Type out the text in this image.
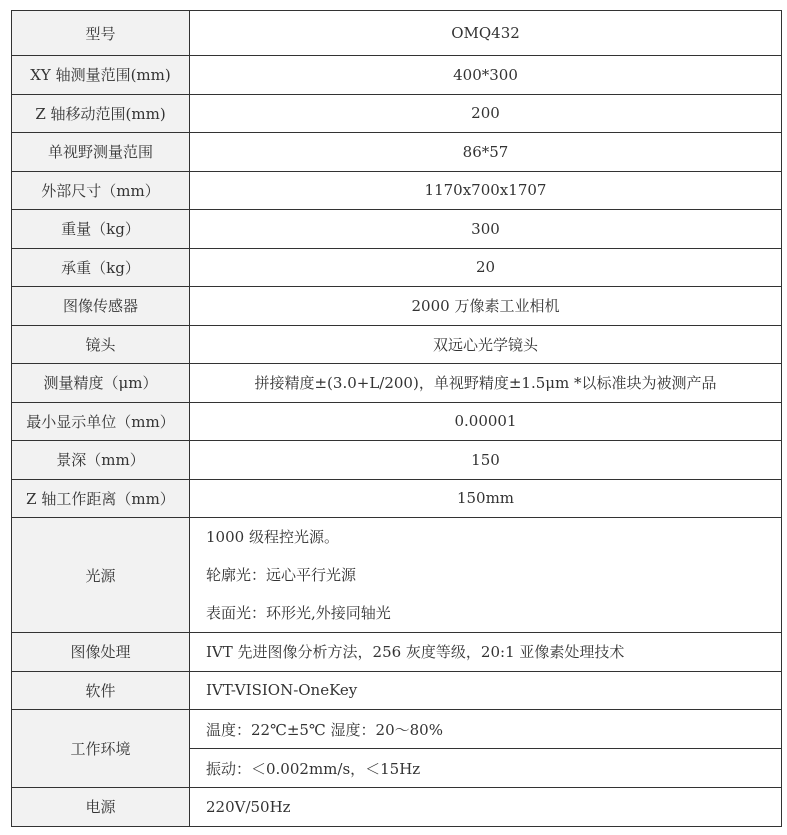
型号	OMQ432
XY 轴测量范围(mm)	400*300
Z 轴移动范围(mm)	200
单视野测量范围	86*57
外部尺寸（mm）	1170x700x1707
重量（kg）	300
承重（kg）	20
图像传感器	2000 万像素工业相机
镜头	双远心光学镜头
测量精度（μm）	拼接精度±(3.0+L/200)，单视野精度±1.5μm *以标准块为被测产品
最小显示单位（mm）	0.00001
景深（mm）	150
Z 轴工作距离（mm）	150mm
光源	1000 级程控光源。
轮廓光：远心平行光源
表面光：环形光,外接同轴光

图像处理	IVT 先进图像分析方法，256 灰度等级，20:1 亚像素处理技术
软件	IVT-VISION-OneKey
工作环境	温度：22℃±5℃ 湿度：20～80%
	振动：＜0.002mm/s，＜15Hz
电源	220V/50Hz
